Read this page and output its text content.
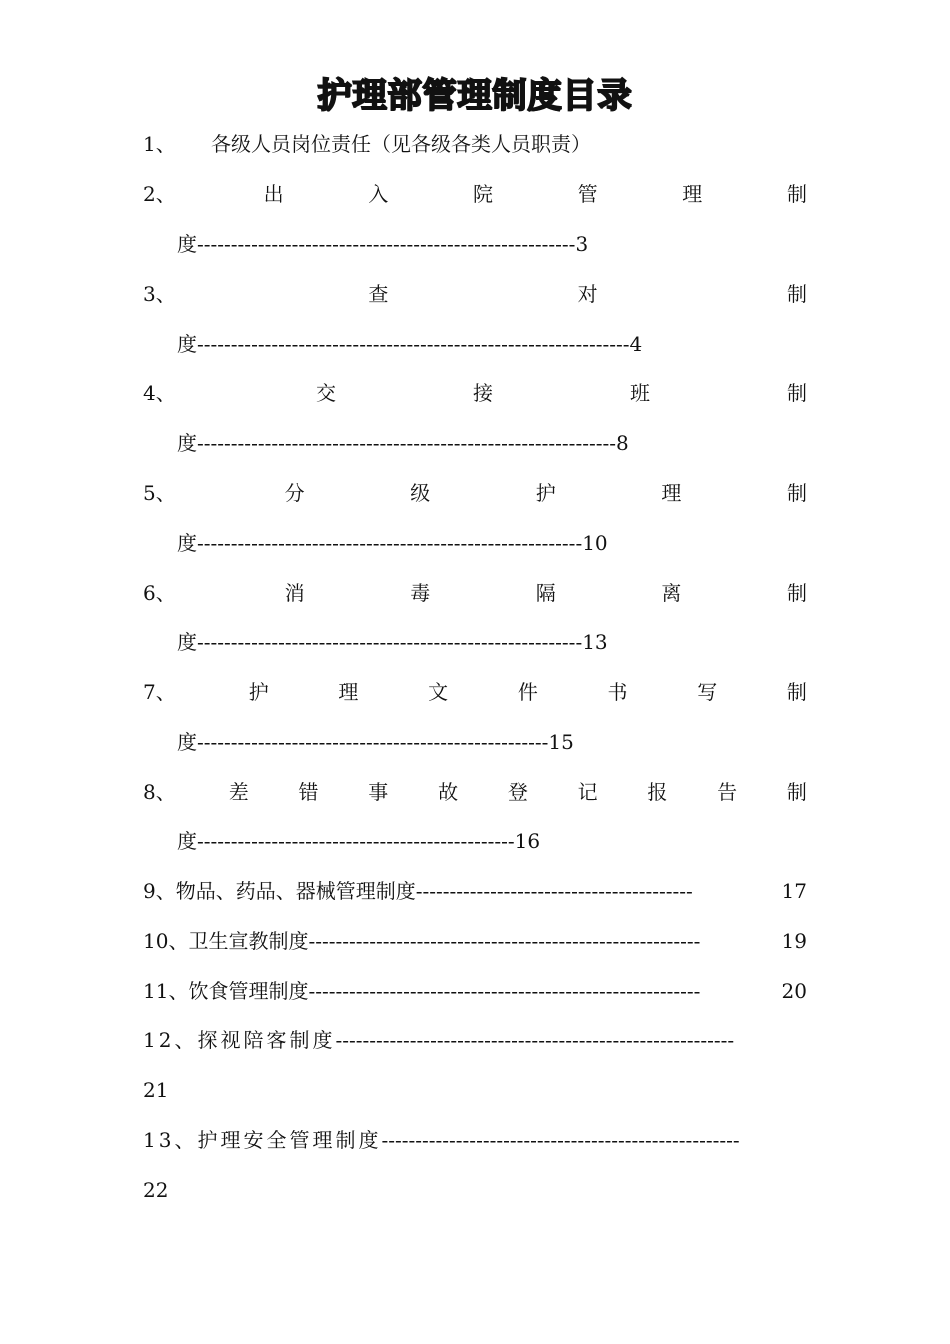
护理部管理制度目录
1、 各级人员岗位责任（见各级各类人员职责）
2、	出	入	院	管	理	制
度--------------------------------------------------------3
3、	查	对	制
度----------------------------------------------------------------4
4、	交	接	班	制
度--------------------------------------------------------------8
5、	分	级	护	理	制
度---------------------------------------------------------10
6、	消	毒	隔	离	制
度---------------------------------------------------------13
7、	护	理	文	件	书	写	制
度----------------------------------------------------15
8、	差 错 事 故 登 记 报 告 制
度-----------------------------------------------16
9、物品、药品、器械管理制度 -----------------------------------------	17
10、卫生宣教制度 ----------------------------------------------------------	19
11、饮食管理制度 ----------------------------------------------------------	20
12、探视陪客制度 -----------------------------------------------------------
21
13、护理安全管理制度 -----------------------------------------------------
22
